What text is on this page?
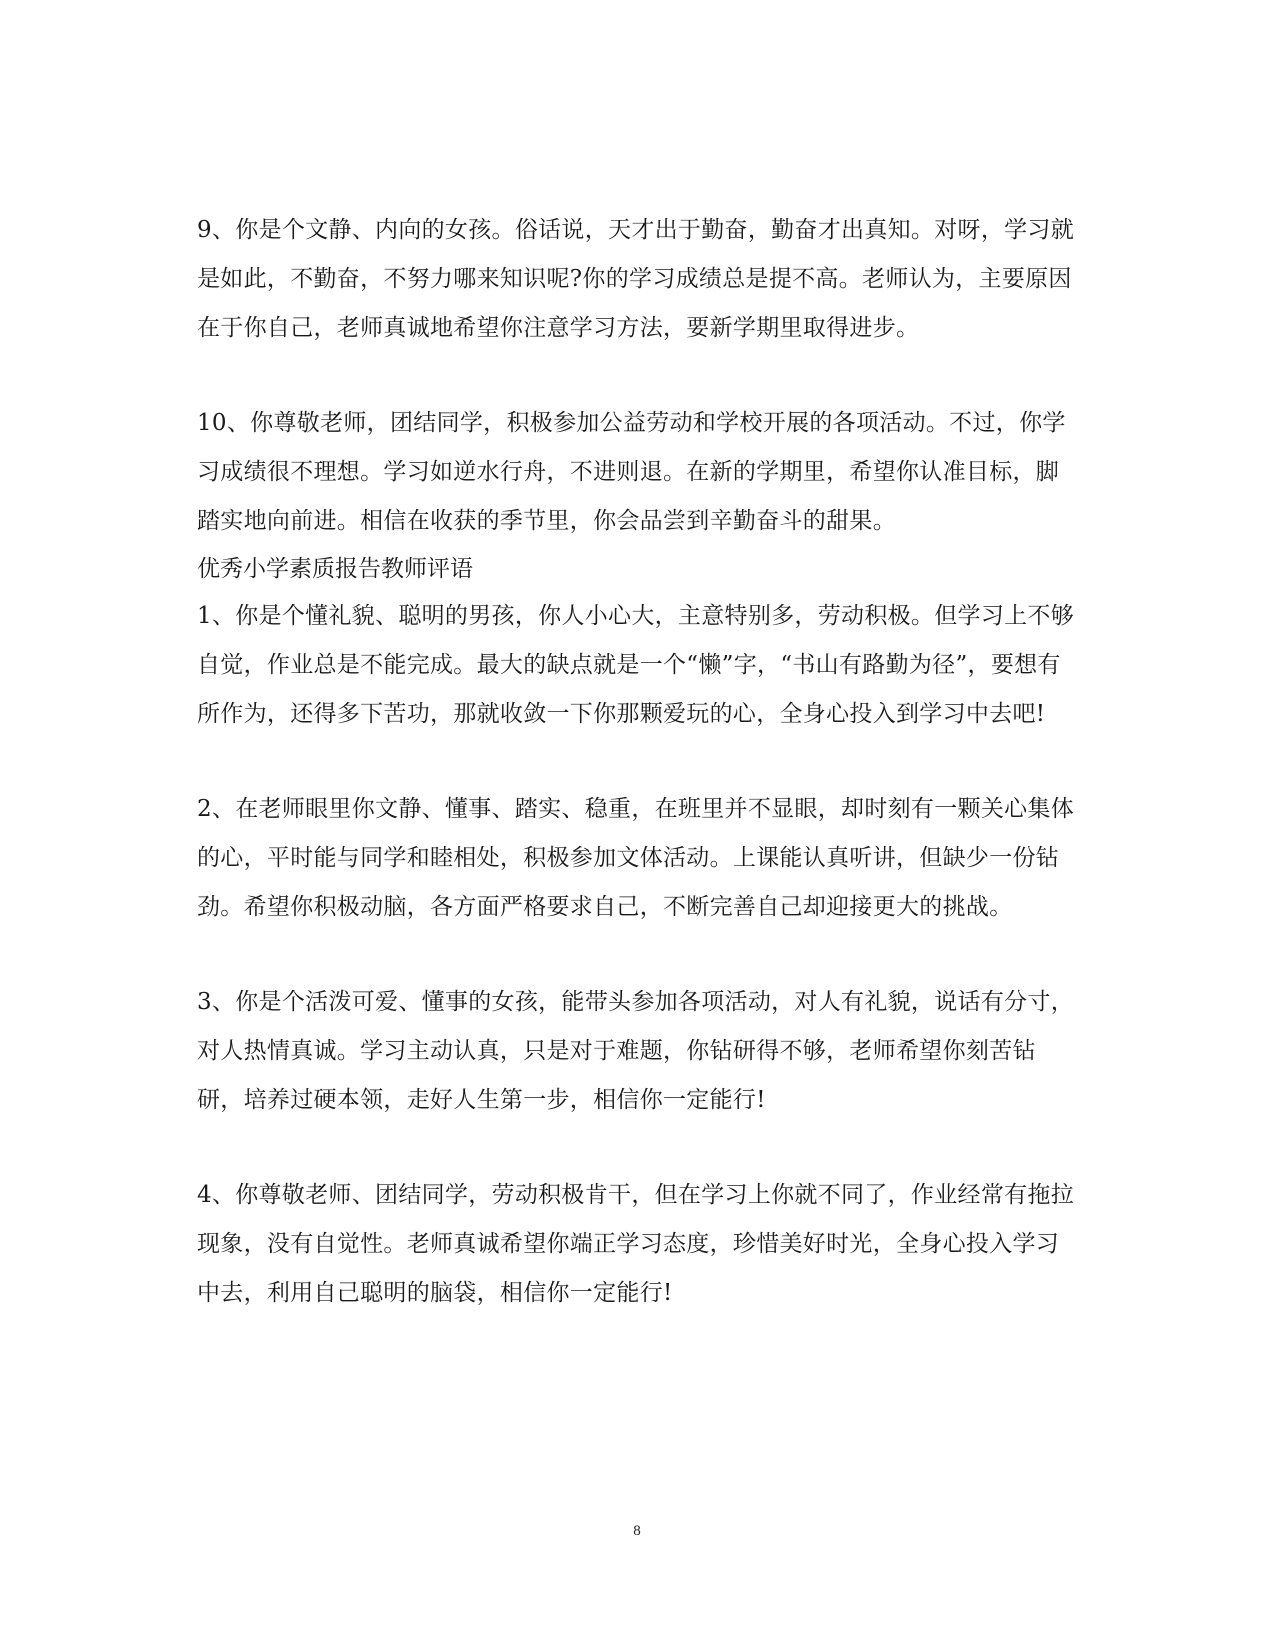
9、你是个文静、内向的女孩。俗话说，天才出于勤奋，勤奋才出真知。对呀，学习就是如此，不勤奋，不努力哪来知识呢?你的学习成绩总是提不高。老师认为，主要原因在于你自己，老师真诚地希望你注意学习方法，要新学期里取得进步。

10、你尊敬老师，团结同学，积极参加公益劳动和学校开展的各项活动。不过，你学习成绩很不理想。学习如逆水行舟，不进则退。在新的学期里，希望你认准目标，脚踏实地向前进。相信在收获的季节里，你会品尝到辛勤奋斗的甜果。

优秀小学素质报告教师评语

1、你是个懂礼貌、聪明的男孩，你人小心大，主意特别多，劳动积极。但学习上不够自觉，作业总是不能完成。最大的缺点就是一个“懒”字，“书山有路勤为径”，要想有所作为，还得多下苦功，那就收敛一下你那颗爱玩的心，全身心投入到学习中去吧!

2、在老师眼里你文静、懂事、踏实、稳重，在班里并不显眼，却时刻有一颗关心集体的心，平时能与同学和睦相处，积极参加文体活动。上课能认真听讲，但缺少一份钻劲。希望你积极动脑，各方面严格要求自己，不断完善自己却迎接更大的挑战。

3、你是个活泼可爱、懂事的女孩，能带头参加各项活动，对人有礼貌，说话有分寸，对人热情真诚。学习主动认真，只是对于难题，你钻研得不够，老师希望你刻苦钻研，培养过硬本领，走好人生第一步，相信你一定能行!

4、你尊敬老师、团结同学，劳动积极肯干，但在学习上你就不同了，作业经常有拖拉现象，没有自觉性。老师真诚希望你端正学习态度，珍惜美好时光，全身心投入学习中去，利用自己聪明的脑袋，相信你一定能行!

8
